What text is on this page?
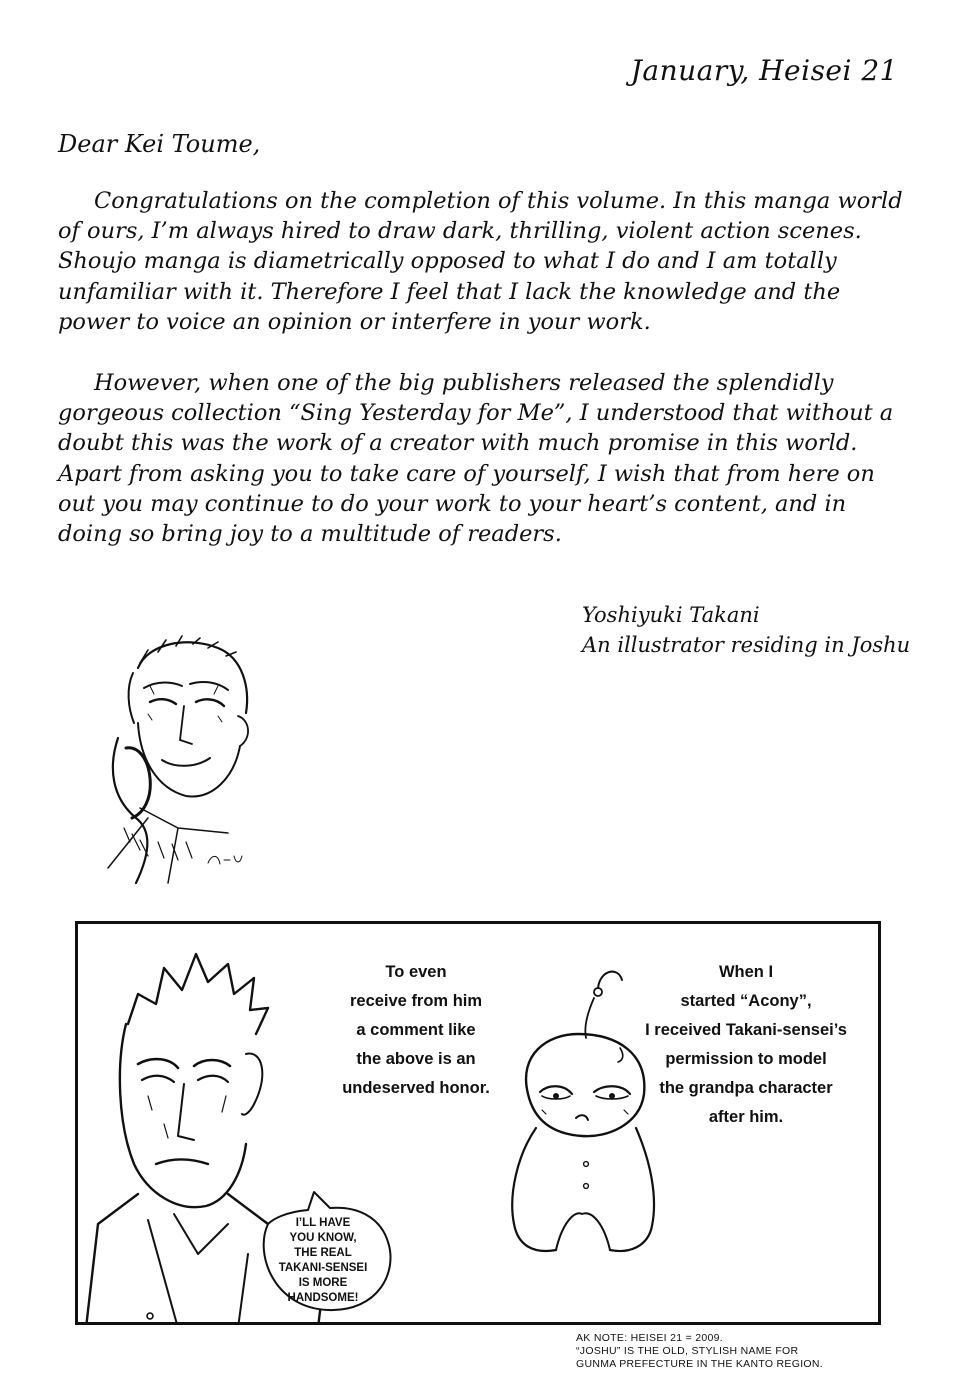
January, Heisei 21
Dear Kei Toume,

Congratulations on the completion of this volume. In this manga world of ours, I’m always hired to draw dark, thrilling, violent action scenes. Shoujo manga is diametrically opposed to what I do and I am totally unfamiliar with it. Therefore I feel that I lack the knowledge and the power to voice an opinion or interfere in your work.

However, when one of the big publishers released the splendidly gorgeous collection “Sing Yesterday for Me”, I understood that without a doubt this was the work of a creator with much promise in this world. Apart from asking you to take care of yourself, I wish that from here on out you may continue to do your work to your heart’s content, and in doing so bring joy to a multitude of readers.

Yoshiyuki Takani
An illustrator residing in Joshu
To even
receive from him
a comment like
the above is an
undeserved honor.
When I
started “Acony”,
I received Takani-sensei’s
permission to model
the grandpa character
after him.
I’LL HAVE
YOU KNOW,
THE REAL
TAKANI-SENSEI
IS MORE
HANDSOME!
AK NOTE: HEISEI 21 = 2009.
“JOSHU” IS THE OLD, STYLISH NAME FOR
GUNMA PREFECTURE IN THE KANTO REGION.
